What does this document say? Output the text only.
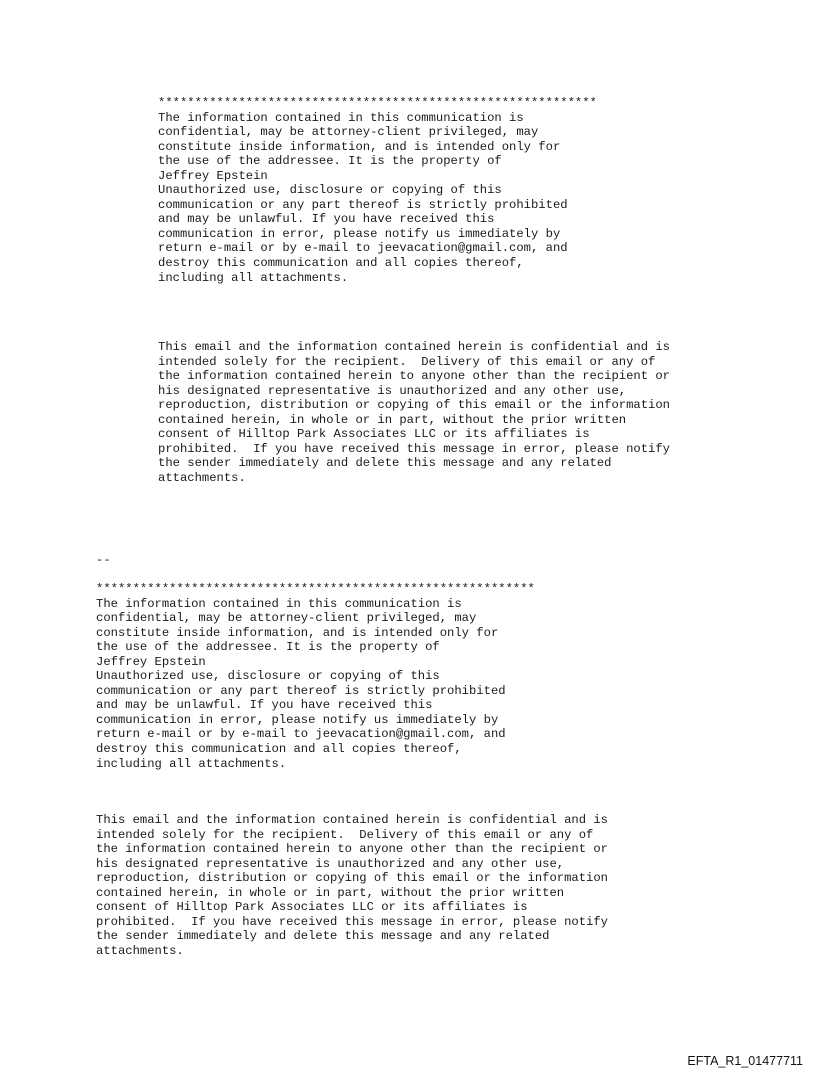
************************************************************
The information contained in this communication is
confidential, may be attorney-client privileged, may
constitute inside information, and is intended only for
the use of the addressee. It is the property of
Jeffrey Epstein
Unauthorized use, disclosure or copying of this
communication or any part thereof is strictly prohibited
and may be unlawful. If you have received this
communication in error, please notify us immediately by
return e-mail or by e-mail to jeevacation@gmail.com, and
destroy this communication and all copies thereof,
including all attachments.
This email and the information contained herein is confidential and is
intended solely for the recipient.  Delivery of this email or any of
the information contained herein to anyone other than the recipient or
his designated representative is unauthorized and any other use,
reproduction, distribution or copying of this email or the information
contained herein, in whole or in part, without the prior written
consent of Hilltop Park Associates LLC or its affiliates is
prohibited.  If you have received this message in error, please notify
the sender immediately and delete this message and any related
attachments.
--
************************************************************
The information contained in this communication is
confidential, may be attorney-client privileged, may
constitute inside information, and is intended only for
the use of the addressee. It is the property of
Jeffrey Epstein
Unauthorized use, disclosure or copying of this
communication or any part thereof is strictly prohibited
and may be unlawful. If you have received this
communication in error, please notify us immediately by
return e-mail or by e-mail to jeevacation@gmail.com, and
destroy this communication and all copies thereof,
including all attachments.
This email and the information contained herein is confidential and is
intended solely for the recipient.  Delivery of this email or any of
the information contained herein to anyone other than the recipient or
his designated representative is unauthorized and any other use,
reproduction, distribution or copying of this email or the information
contained herein, in whole or in part, without the prior written
consent of Hilltop Park Associates LLC or its affiliates is
prohibited.  If you have received this message in error, please notify
the sender immediately and delete this message and any related
attachments.
EFTA_R1_01477711
